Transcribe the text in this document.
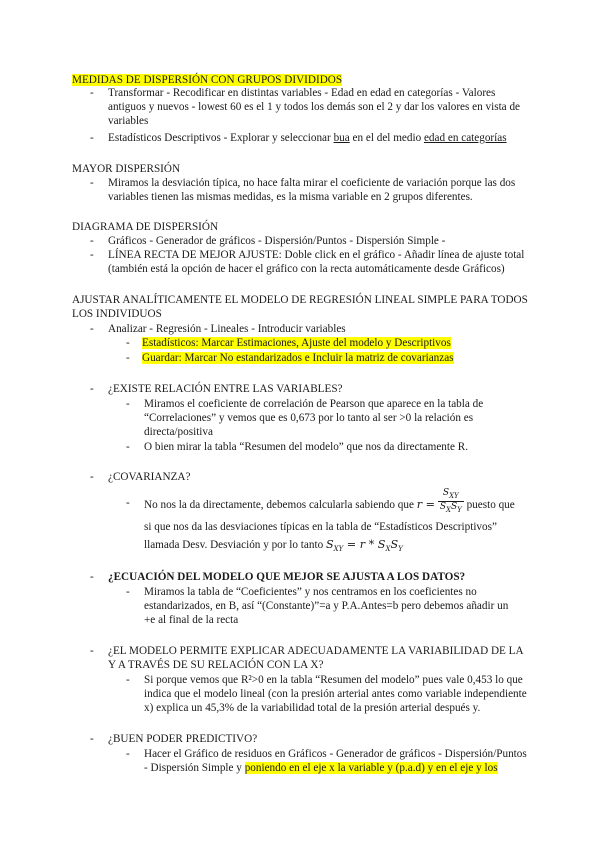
MEDIDAS DE DISPERSIÓN CON GRUPOS DIVIDIDOS
- Transformar - Recodificar en distintas variables - Edad en edad en categorías - Valores
antiguos y nuevos - lowest 60 es el 1 y todos los demás son el 2 y dar los valores en vista de
variables
- Estadísticos Descriptivos - Explorar y seleccionar bua en el del medio edad en categorías
MAYOR DISPERSIÓN
- Miramos la desviación típica, no hace falta mirar el coeficiente de variación porque las dos
variables tienen las mismas medidas, es la misma variable en 2 grupos diferentes.
DIAGRAMA DE DISPERSIÓN
- Gráficos - Generador de gráficos - Dispersión/Puntos - Dispersión Simple -
- LÍNEA RECTA DE MEJOR AJUSTE: Doble click en el gráfico - Añadir línea de ajuste total
(también está la opción de hacer el gráfico con la recta automáticamente desde Gráficos)
AJUSTAR ANALÍTICAMENTE EL MODELO DE REGRESIÓN LINEAL SIMPLE PARA TODOS
LOS INDIVIDUOS
- Analizar - Regresión - Lineales - Introducir variables
- Estadísticos: Marcar Estimaciones, Ajuste del modelo y Descriptivos
- Guardar: Marcar No estandarizados e Incluir la matriz de covarianzas
- ¿EXISTE RELACIÓN ENTRE LAS VARIABLES?
- Miramos el coeficiente de correlación de Pearson que aparece en la tabla de
“Correlaciones” y vemos que es 0,673 por lo tanto al ser >0 la relación es
directa/positiva
- O bien mirar la tabla “Resumen del modelo” que nos da directamente R.
- ¿COVARIANZA?
- No nos la da directamente, debemos calcularla sabiendo que $r = \frac{S_{XY}}{S_XS_Y}$ puesto que
si que nos da las desviaciones típicas en la tabla de “Estadísticos Descriptivos”
llamada Desv. Desviación y por lo tanto $S_{XY} = r * S_XS_Y$
- ¿ECUACIÓN DEL MODELO QUE MEJOR SE AJUSTA A LOS DATOS?
- Miramos la tabla de “Coeficientes” y nos centramos en los coeficientes no
estandarizados, en B, así “(Constante)”=a y P.A.Antes=b pero debemos añadir un
+e al final de la recta
- ¿EL MODELO PERMITE EXPLICAR ADECUADAMENTE LA VARIABILIDAD DE LA
Y A TRAVÉS DE SU RELACIÓN CON LA X?
- Si porque vemos que R²>0 en la tabla “Resumen del modelo” pues vale 0,453 lo que
indica que el modelo lineal (con la presión arterial antes como variable independiente
x) explica un 45,3% de la variabilidad total de la presión arterial después y.
- ¿BUEN PODER PREDICTIVO?
- Hacer el Gráfico de residuos en Gráficos - Generador de gráficos - Dispersión/Puntos
- Dispersión Simple y poniendo en el eje x la variable y (p.a.d) y en el eje y los
